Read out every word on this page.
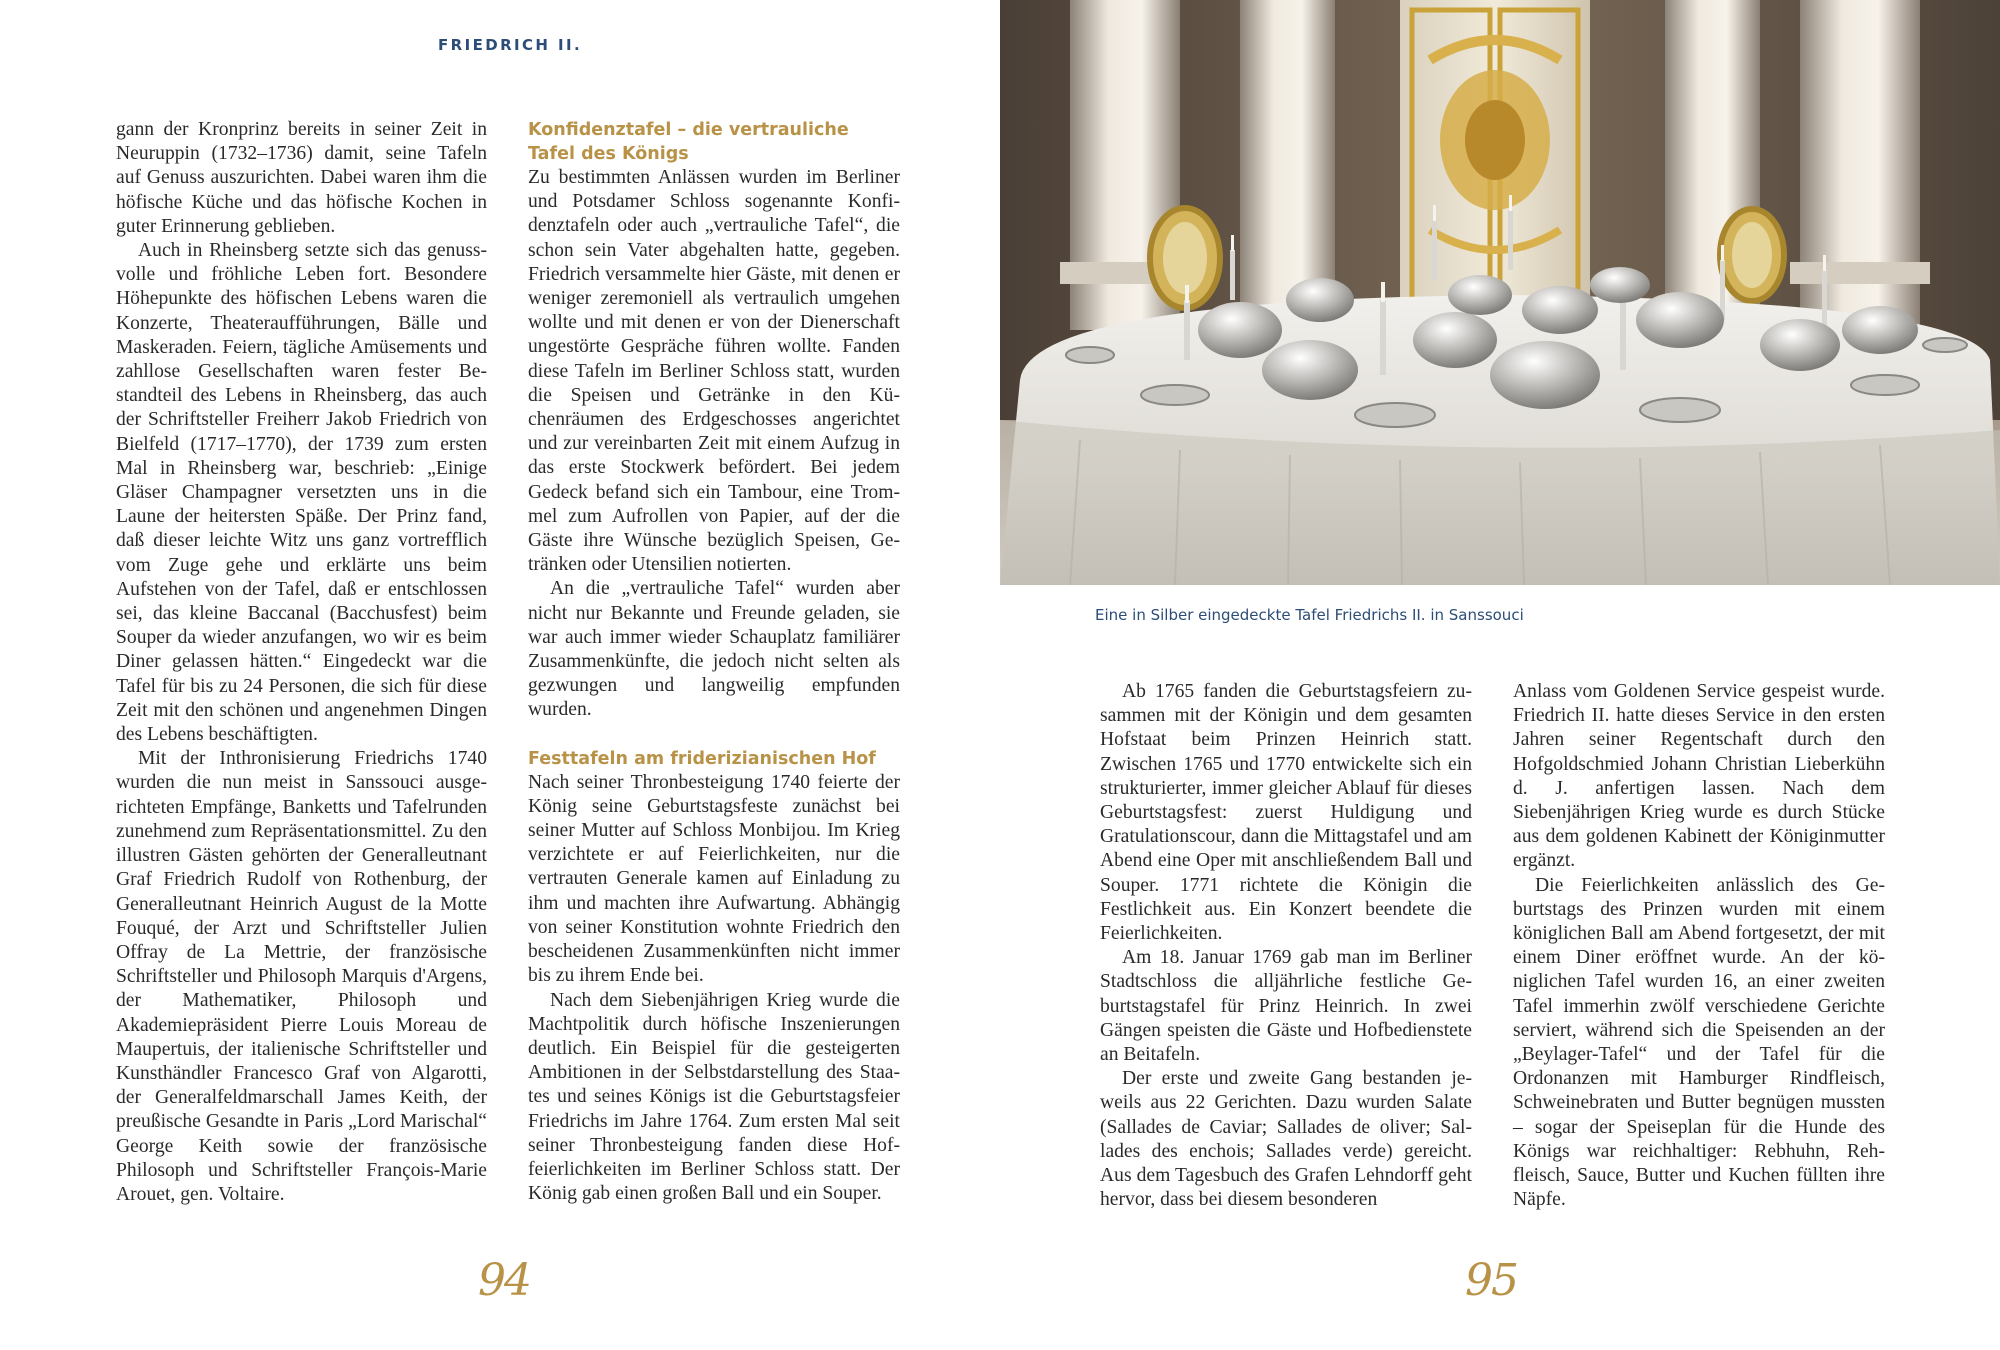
FRIEDRICH II.

gann der Kronprinz bereits in seiner Zeit in Neuruppin (1732–1736) damit, seine Tafeln auf Genuss auszurichten. Dabei waren ihm die höfische Küche und das höfische Kochen in guter Erinnerung geblieben.

Auch in Rheinsberg setzte sich das genussvolle und fröhliche Leben fort. Besondere Höhepunkte des höfischen Lebens waren die Konzerte, Theateraufführungen, Bälle und Maskeraden. Feiern, tägliche Amüsements und zahllose Gesellschaften waren fester Bestandteil des Lebens in Rheinsberg, das auch der Schriftsteller Freiherr Jakob Friedrich von Bielfeld (1717–1770), der 1739 zum ersten Mal in Rheinsberg war, beschrieb: „Einige Gläser Champagner versetzten uns in die Laune der heitersten Späße. Der Prinz fand, daß dieser leichte Witz uns ganz vortrefflich vom Zuge gehe und erklärte uns beim Aufstehen von der Tafel, daß er entschlossen sei, das kleine Baccanal (Bacchusfest) beim Souper da wieder anzufangen, wo wir es beim Diner gelassen hätten.“ Eingedeckt war die Tafel für bis zu 24 Personen, die sich für diese Zeit mit den schönen und angenehmen Dingen des Lebens beschäftigten.

Mit der Inthronisierung Friedrichs 1740 wurden die nun meist in Sanssouci ausgerichteten Empfänge, Banketts und Tafelrunden zunehmend zum Repräsentationsmittel. Zu den illustren Gästen gehörten der Generalleutnant Graf Friedrich Rudolf von Rothenburg, der Generalleutnant Heinrich August de la Motte Fouqué, der Arzt und Schriftsteller Julien Offray de La Mettrie, der französische Schriftsteller und Philosoph Marquis d'Argens, der Mathematiker, Philosoph und Akademiepräsident Pierre Louis Moreau de Maupertuis, der italienische Schriftsteller und Kunsthändler Francesco Graf von Algarotti, der Generalfeldmarschall James Keith, der preußische Gesandte in Paris „Lord Marischal“ George Keith sowie der französische Philosoph und Schriftsteller François-Marie Arouet, gen. Voltaire.

Konfidenztafel – die vertrauliche Tafel des Königs

Zu bestimmten Anlässen wurden im Berliner und Potsdamer Schloss sogenannte Konfidenztafeln oder auch „vertrauliche Tafel“, die schon sein Vater abgehalten hatte, gegeben. Friedrich versammelte hier Gäste, mit denen er weniger zeremoniell als vertraulich umgehen wollte und mit denen er von der Dienerschaft ungestörte Gespräche führen wollte. Fanden diese Tafeln im Berliner Schloss statt, wurden die Speisen und Getränke in den Küchenräumen des Erdgeschosses angerichtet und zur vereinbarten Zeit mit einem Aufzug in das erste Stockwerk befördert. Bei jedem Gedeck befand sich ein Tambour, eine Trommel zum Aufrollen von Papier, auf der die Gäste ihre Wünsche bezüglich Speisen, Getränken oder Utensilien notierten.

An die „vertrauliche Tafel“ wurden aber nicht nur Bekannte und Freunde geladen, sie war auch immer wieder Schauplatz familiärer Zusammenkünfte, die jedoch nicht selten als gezwungen und langweilig empfunden wurden.

Festtafeln am friderizianischen Hof

Nach seiner Thronbesteigung 1740 feierte der König seine Geburtstagsfeste zunächst bei seiner Mutter auf Schloss Monbijou. Im Krieg verzichtete er auf Feierlichkeiten, nur die vertrauten Generale kamen auf Einladung zu ihm und machten ihre Aufwartung. Abhängig von seiner Konstitution wohnte Friedrich den bescheidenen Zusammenkünften nicht immer bis zu ihrem Ende bei.

Nach dem Siebenjährigen Krieg wurde die Machtpolitik durch höfische Inszenierungen deutlich. Ein Beispiel für die gesteigerten Ambitionen in der Selbstdarstellung des Staates und seines Königs ist die Geburtstagsfeier Friedrichs im Jahre 1764. Zum ersten Mal seit seiner Thronbesteigung fanden diese Hoffeierlichkeiten im Berliner Schloss statt. Der König gab einen großen Ball und ein Souper.

94
Eine in Silber eingedeckte Tafel Friedrichs II. in Sanssouci

Ab 1765 fanden die Geburtstagsfeiern zusammen mit der Königin und dem gesamten Hofstaat beim Prinzen Heinrich statt. Zwischen 1765 und 1770 entwickelte sich ein strukturierter, immer gleicher Ablauf für dieses Geburtstagsfest: zuerst Huldigung und Gratulationscour, dann die Mittagstafel und am Abend eine Oper mit anschließendem Ball und Souper. 1771 richtete die Königin die Festlichkeit aus. Ein Konzert beendete die Feierlichkeiten.

Am 18. Januar 1769 gab man im Berliner Stadtschloss die alljährliche festliche Geburtstagstafel für Prinz Heinrich. In zwei Gängen speisten die Gäste und Hofbedienstete an Beitafeln.

Der erste und zweite Gang bestanden jeweils aus 22 Gerichten. Dazu wurden Salate (Sallades de Caviar; Sallades de oliver; Sallades des enchois; Sallades verde) gereicht. Aus dem Tagesbuch des Grafen Lehndorff geht hervor, dass bei diesem besonderen

Anlass vom Goldenen Service gespeist wurde. Friedrich II. hatte dieses Service in den ersten Jahren seiner Regentschaft durch den Hofgoldschmied Johann Christian Lieberkühn d. J. anfertigen lassen. Nach dem Siebenjährigen Krieg wurde es durch Stücke aus dem goldenen Kabinett der Königinmutter ergänzt.

Die Feierlichkeiten anlässlich des Geburtstags des Prinzen wurden mit einem königlichen Ball am Abend fortgesetzt, der mit einem Diner eröffnet wurde. An der königlichen Tafel wurden 16, an einer zweiten Tafel immerhin zwölf verschiedene Gerichte serviert, während sich die Speisenden an der „Beylager-Tafel“ und der Tafel für die Ordonanzen mit Hamburger Rindfleisch, Schweinebraten und Butter begnügen mussten – sogar der Speiseplan für die Hunde des Königs war reichhaltiger: Rebhuhn, Rehfleisch, Sauce, Butter und Kuchen füllten ihre Näpfe.

95
